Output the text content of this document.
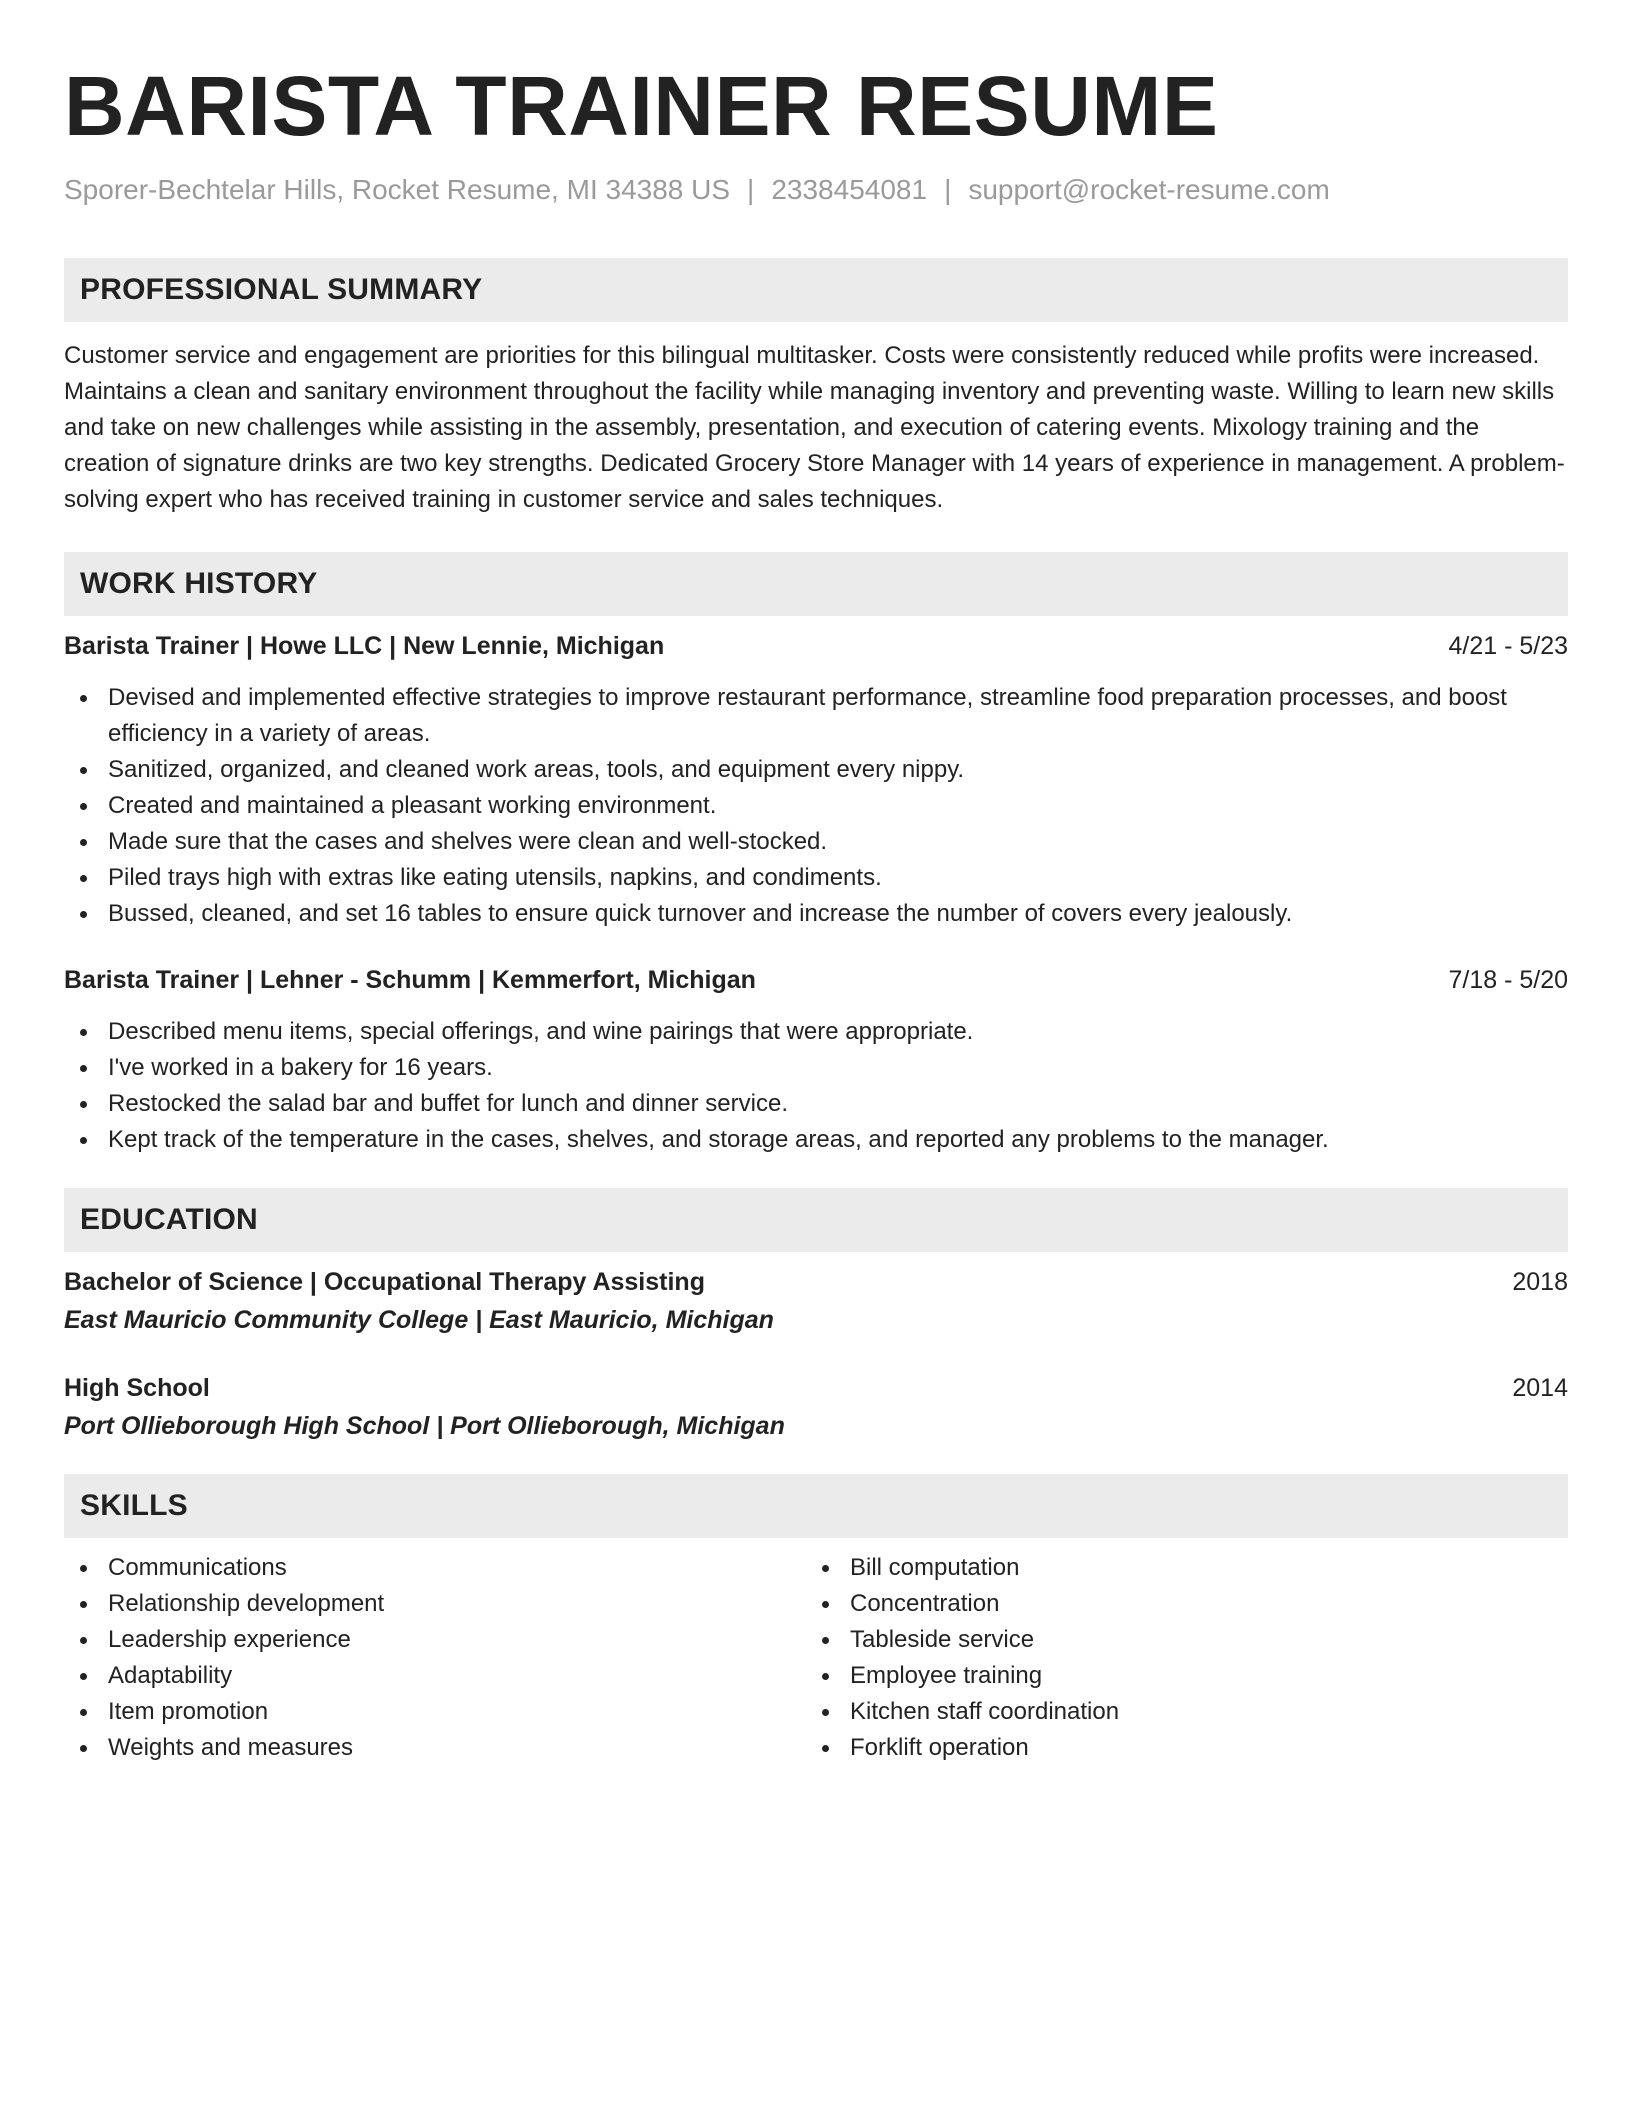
BARISTA TRAINER RESUME
Sporer-Bechtelar Hills, Rocket Resume, MI 34388 US | 2338454081 | support@rocket-resume.com
PROFESSIONAL SUMMARY

Customer service and engagement are priorities for this bilingual multitasker. Costs were consistently reduced while profits were increased. Maintains a clean and sanitary environment throughout the facility while managing inventory and preventing waste. Willing to learn new skills and take on new challenges while assisting in the assembly, presentation, and execution of catering events. Mixology training and the creation of signature drinks are two key strengths. Dedicated Grocery Store Manager with 14 years of experience in management. A problem-solving expert who has received training in customer service and sales techniques.

WORK HISTORY
Barista Trainer | Howe LLC | New Lennie, Michigan	4/21 - 5/23
Devised and implemented effective strategies to improve restaurant performance, streamline food preparation processes, and boost efficiency in a variety of areas.
Sanitized, organized, and cleaned work areas, tools, and equipment every nippy.
Created and maintained a pleasant working environment.
Made sure that the cases and shelves were clean and well-stocked.
Piled trays high with extras like eating utensils, napkins, and condiments.
Bussed, cleaned, and set 16 tables to ensure quick turnover and increase the number of covers every jealously.
Barista Trainer | Lehner - Schumm | Kemmerfort, Michigan	7/18 - 5/20
Described menu items, special offerings, and wine pairings that were appropriate.
I've worked in a bakery for 16 years.
Restocked the salad bar and buffet for lunch and dinner service.
Kept track of the temperature in the cases, shelves, and storage areas, and reported any problems to the manager.
EDUCATION
Bachelor of Science | Occupational Therapy Assisting	2018
East Mauricio Community College | East Mauricio, Michigan
High School	2014
Port Ollieborough High School | Port Ollieborough, Michigan
SKILLS
Communications
Relationship development
Leadership experience
Adaptability
Item promotion
Weights and measures
Bill computation
Concentration
Tableside service
Employee training
Kitchen staff coordination
Forklift operation
